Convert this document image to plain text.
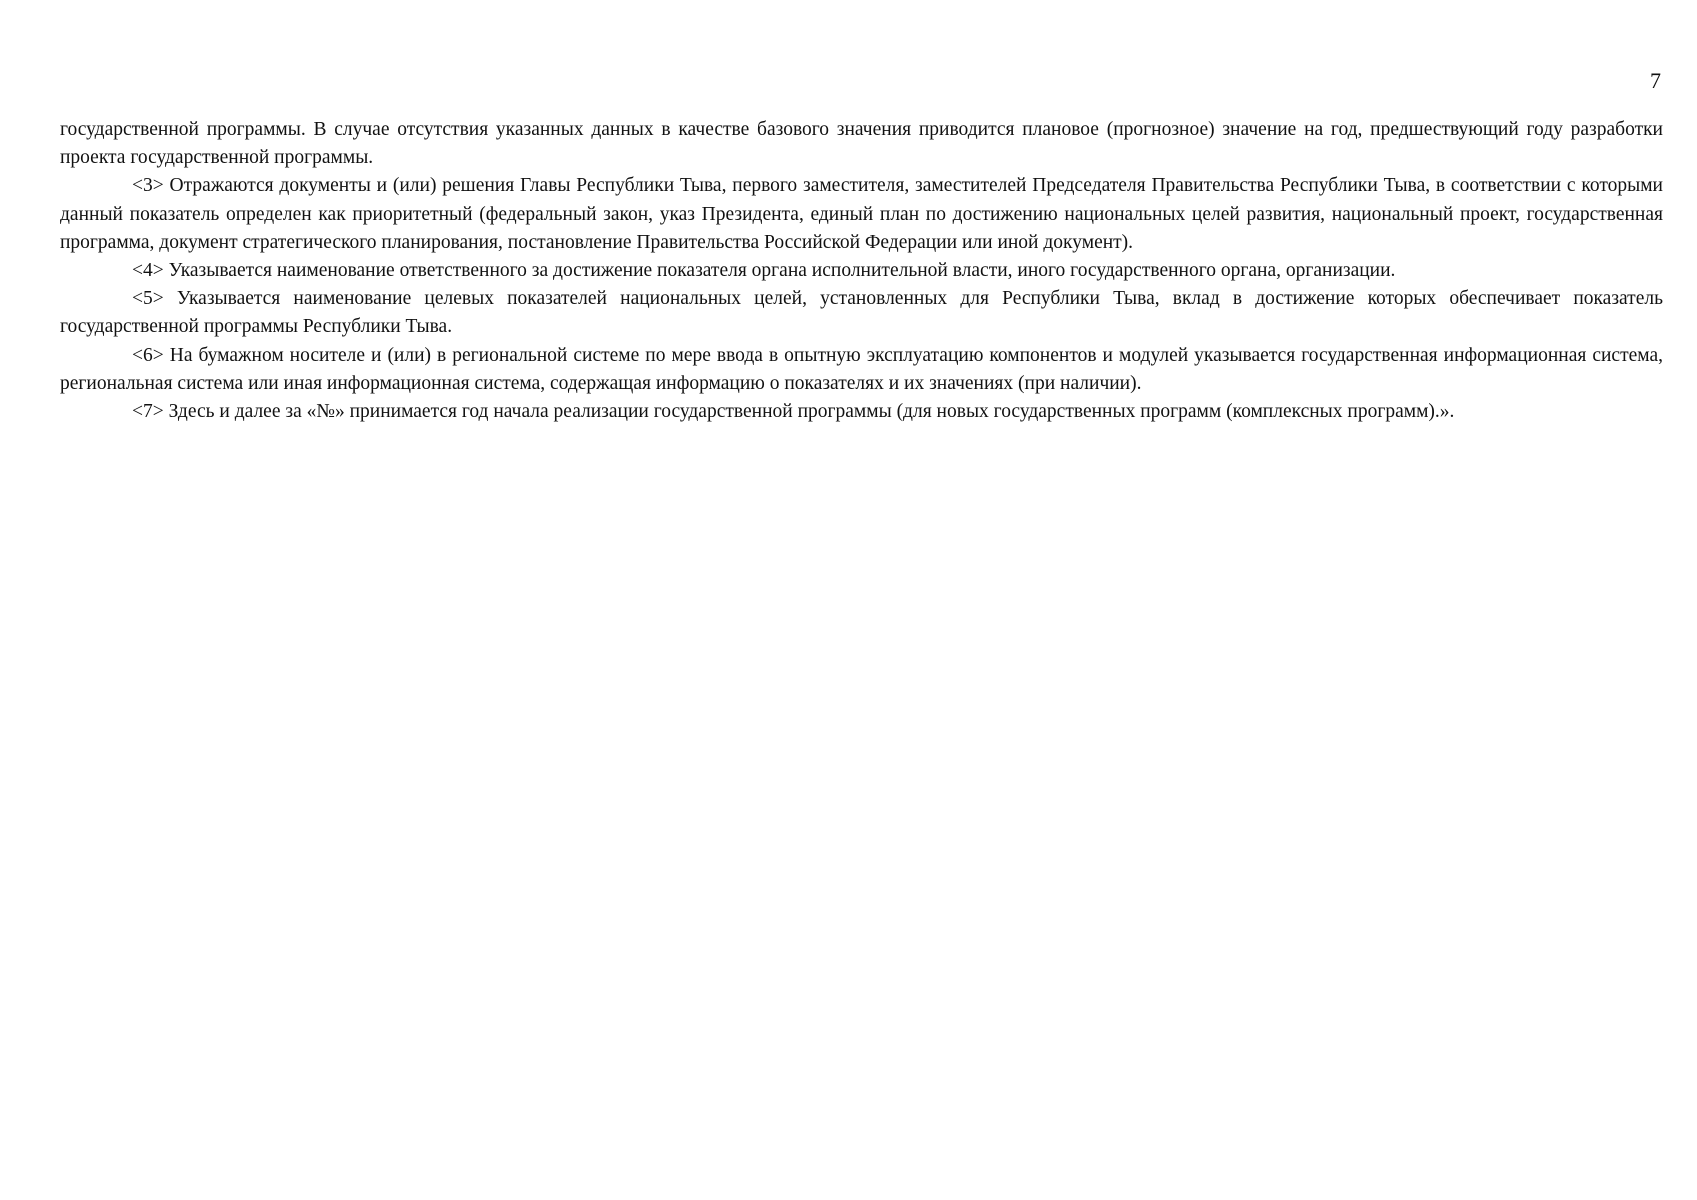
7

государственной программы. В случае отсутствия указанных данных в качестве базового значения приводится плановое (прогнозное) значение на год, предшествующий году разработки проекта государственной программы.

<3> Отражаются документы и (или) решения Главы Республики Тыва, первого заместителя, заместителей Председателя Правительства Республики Тыва, в соответствии с которыми данный показатель определен как приоритетный (федеральный закон, указ Президента, единый план по достижению национальных целей развития, национальный проект, государственная программа, документ стратегического планирования, постановление Правительства Российской Федерации или иной документ).

<4> Указывается наименование ответственного за достижение показателя органа исполнительной власти, иного государственного органа, организации.

<5> Указывается наименование целевых показателей национальных целей, установленных для Республики Тыва, вклад в достижение которых обеспечивает показатель государственной программы Республики Тыва.

<6> На бумажном носителе и (или) в региональной системе по мере ввода в опытную эксплуатацию компонентов и модулей указывается государственная информационная система, региональная система или иная информационная система, содержащая информацию о показателях и их значениях (при наличии).

<7> Здесь и далее за «№» принимается год начала реализации государственной программы (для новых государственных программ (комплексных программ).».
